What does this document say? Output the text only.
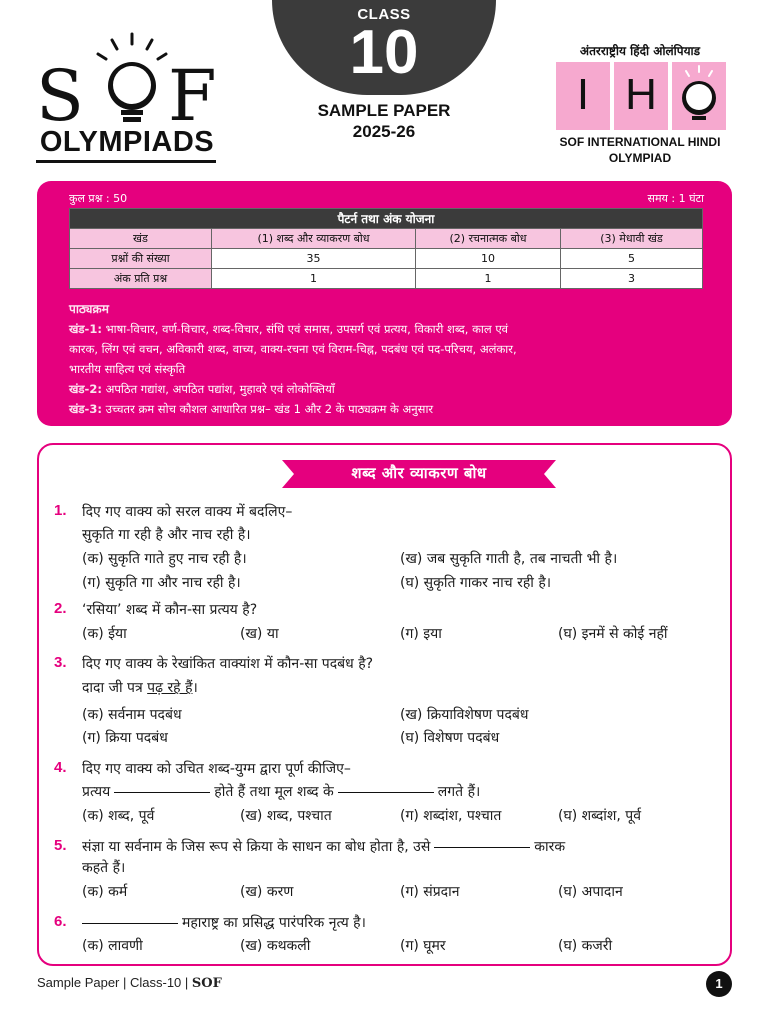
S F
OLYMPIADS
CLASS
10
SAMPLE PAPER
2025-26
अंतरराष्ट्रीय हिंदी ओलंपियाड
I H
SOF INTERNATIONAL HINDI
OLYMPIAD
कुल प्रश्न : 50	समय : 1 घंटा
पैटर्न तथा अंक योजना			
खंड	(1) शब्द और व्याकरण बोध	(2) रचनात्मक बोध	(3) मेधावी खंड
प्रश्नों की संख्या	35	10	5
अंक प्रति प्रश्न	1	1	3
पाठ्यक्रम
खंड-1: भाषा-विचार, वर्ण-विचार, शब्द-विचार, संधि एवं समास, उपसर्ग एवं प्रत्यय, विकारी शब्द, काल एवं
कारक, लिंग एवं वचन, अविकारी शब्द, वाच्य, वाक्य-रचना एवं विराम-चिह्न, पदबंध एवं पद-परिचय, अलंकार,
भारतीय साहित्य एवं संस्कृति
खंड-2: अपठित गद्यांश, अपठित पद्यांश, मुहावरे एवं लोकोक्तियाँ
खंड-3: उच्चतर क्रम सोच कौशल आधारित प्रश्न– खंड 1 और 2 के पाठ्यक्रम के अनुसार
शब्द और व्याकरण बोध
1. दिए गए वाक्य को सरल वाक्य में बदलिए–
सुकृति गा रही है और नाच रही है।
(क) सुकृति गाते हुए नाच रही है।	(ख) जब सुकृति गाती है, तब नाचती भी है।
(ग) सुकृति गा और नाच रही है।	(घ) सुकृति गाकर नाच रही है।
2. ‘रसिया’ शब्द में कौन-सा प्रत्यय है?
(क) ईया	(ख) या	(ग) इया	(घ) इनमें से कोई नहीं
3. दिए गए वाक्य के रेखांकित वाक्यांश में कौन-सा पदबंध है?
दादा जी पत्र पढ़ रहे हैं।
(क) सर्वनाम पदबंध	(ख) क्रियाविशेषण पदबंध
(ग) क्रिया पदबंध	(घ) विशेषण पदबंध
4. दिए गए वाक्य को उचित शब्द-युग्म द्वारा पूर्ण कीजिए–
प्रत्यय	होते हैं तथा मूल शब्द के	लगते हैं।
(क) शब्द, पूर्व	(ख) शब्द, पश्चात	(ग) शब्दांश, पश्चात	(घ) शब्दांश, पूर्व
5. संज्ञा या सर्वनाम के जिस रूप से क्रिया के साधन का बोध होता है, उसे	कारक
कहते हैं।
(क) कर्म	(ख) करण	(ग) संप्रदान	(घ) अपादान
6.	महाराष्ट्र का प्रसिद्ध पारंपरिक नृत्य है।
(क) लावणी	(ख) कथकली	(ग) घूमर	(घ) कजरी
Sample Paper | Class-10 | SOF	1
